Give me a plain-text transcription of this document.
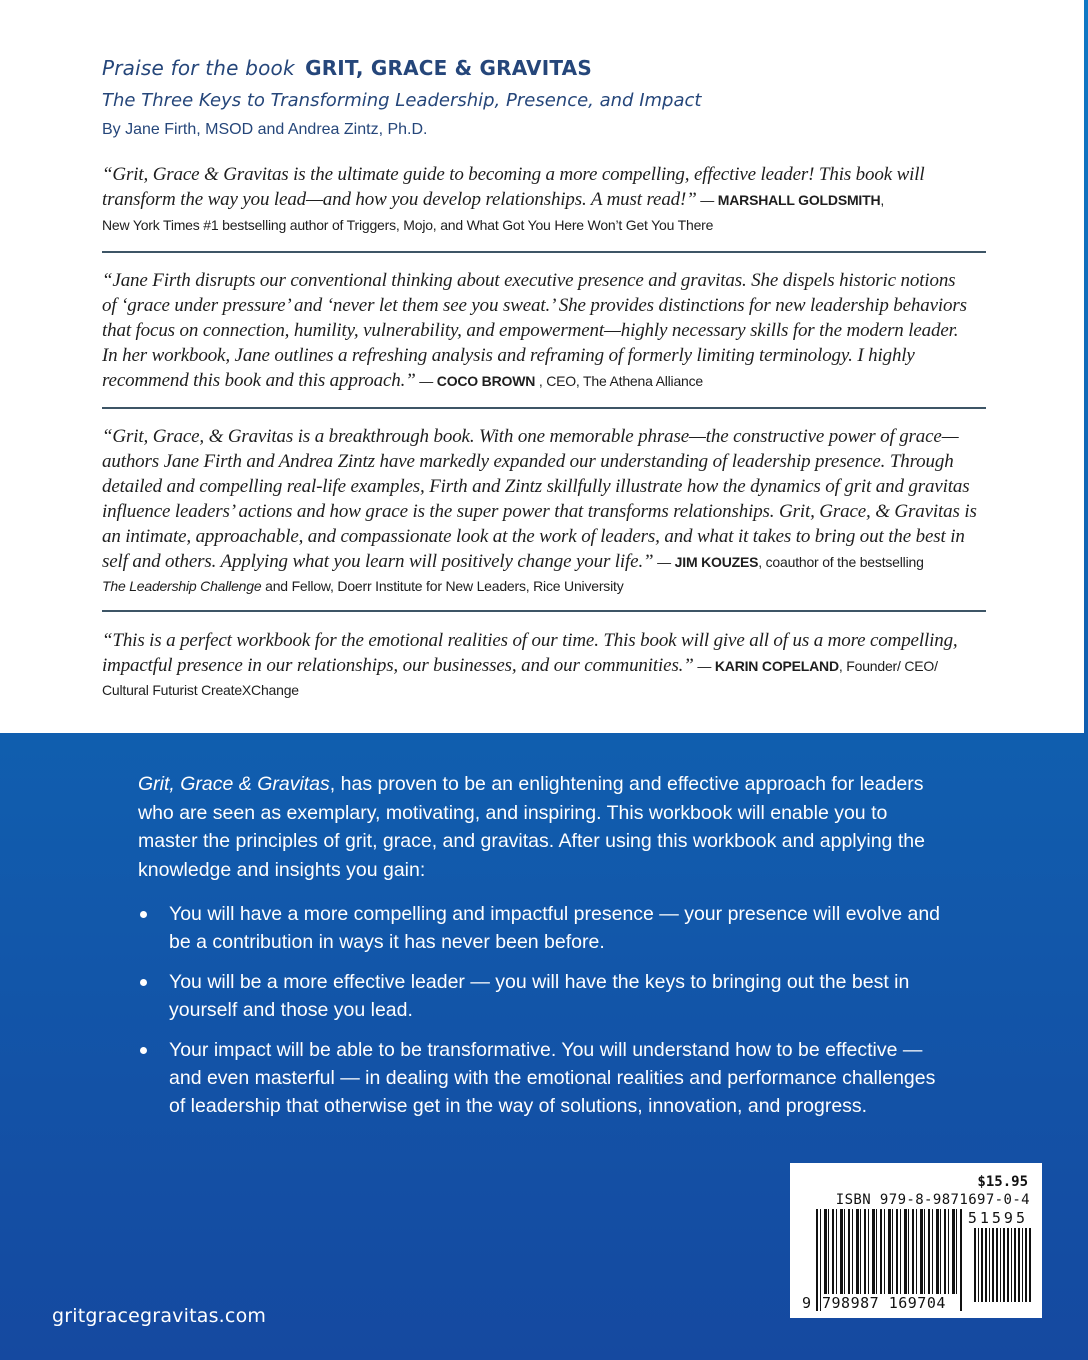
Praise for the book GRIT, GRACE & GRAVITAS
The Three Keys to Transforming Leadership, Presence, and Impact
By Jane Firth, MSOD and Andrea Zintz, Ph.D.
“Grit, Grace & Gravitas is the ultimate guide to becoming a more compelling, effective leader! This book will
transform the way you lead—and how you develop relationships. A must read!” — MARSHALL GOLDSMITH,
New York Times #1 bestselling author of Triggers, Mojo, and What Got You Here Won’t Get You There
“Jane Firth disrupts our conventional thinking about executive presence and gravitas. She dispels historic notions
of ‘grace under pressure’ and ‘never let them see you sweat.’ She provides distinctions for new leadership behaviors
that focus on connection, humility, vulnerability, and empowerment—highly necessary skills for the modern leader.
In her workbook, Jane outlines a refreshing analysis and reframing of formerly limiting terminology. I highly
recommend this book and this approach.” — COCO BROWN , CEO, The Athena Alliance
“Grit, Grace, & Gravitas is a breakthrough book. With one memorable phrase—the constructive power of grace—
authors Jane Firth and Andrea Zintz have markedly expanded our understanding of leadership presence. Through
detailed and compelling real-life examples, Firth and Zintz skillfully illustrate how the dynamics of grit and gravitas
influence leaders’ actions and how grace is the super power that transforms relationships. Grit, Grace, & Gravitas is
an intimate, approachable, and compassionate look at the work of leaders, and what it takes to bring out the best in
self and others. Applying what you learn will positively change your life.” — JIM KOUZES, coauthor of the bestselling
The Leadership Challenge and Fellow, Doerr Institute for New Leaders, Rice University
“This is a perfect workbook for the emotional realities of our time. This book will give all of us a more compelling,
impactful presence in our relationships, our businesses, and our communities.” — KARIN COPELAND, Founder/ CEO/
Cultural Futurist CreateXChange
Grit, Grace & Gravitas, has proven to be an enlightening and effective approach for leaders who are seen as exemplary, motivating, and inspiring. This workbook will enable you to master the principles of grit, grace, and gravitas. After using this workbook and applying the knowledge and insights you gain:
You will have a more compelling and impactful presence — your presence will evolve and be a contribution in ways it has never been before.
You will be a more effective leader — you will have the keys to bringing out the best in yourself and those you lead.
Your impact will be able to be transformative. You will understand how to be effective — and even masterful — in dealing with the emotional realities and performance challenges of leadership that otherwise get in the way of solutions, innovation, and progress.
gritgracegravitas.com
$15.95
ISBN 979-8-9871697-0-4
51595
9 798987 169704
